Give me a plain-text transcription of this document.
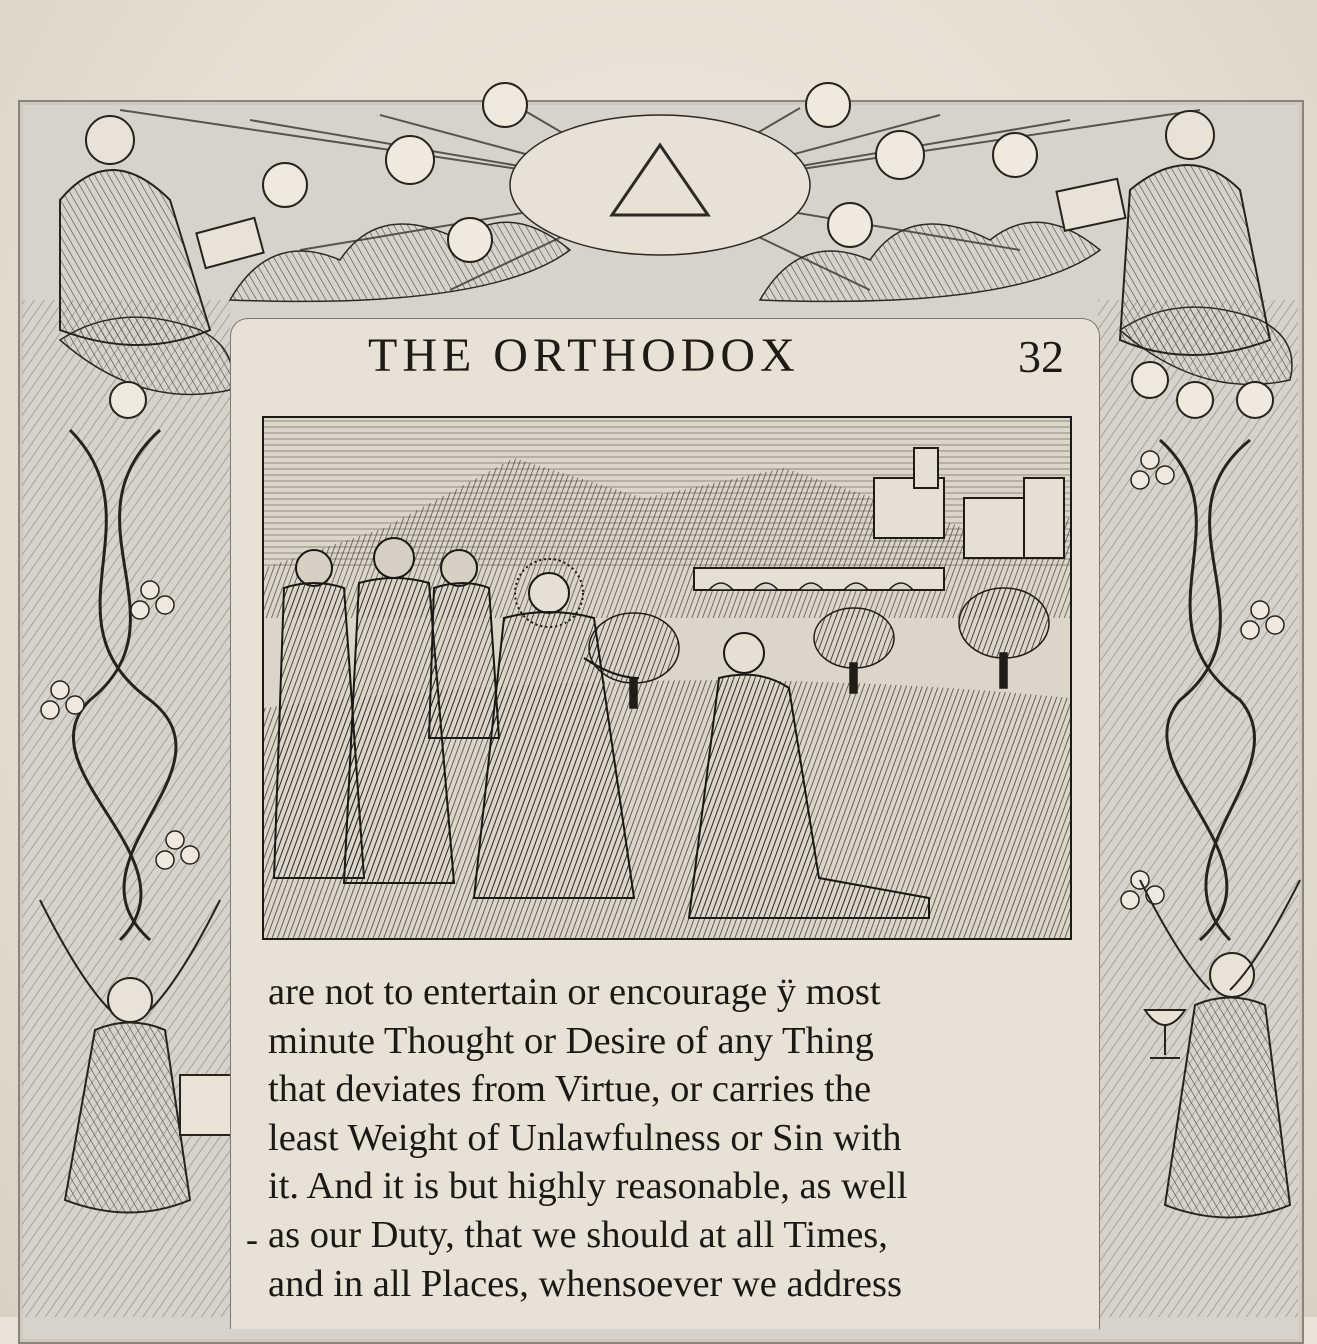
THE ORTHODOX	32
are not to entertain or encourage ÿ most
minute Thought or Desire of any Thing
that deviates from Virtue, or carries the
least Weight of Unlawfulness or Sin with
it. And it is but highly reasonable, as well
as our Duty, that we should at all Times,
and in all Places, whensoever we address
-
